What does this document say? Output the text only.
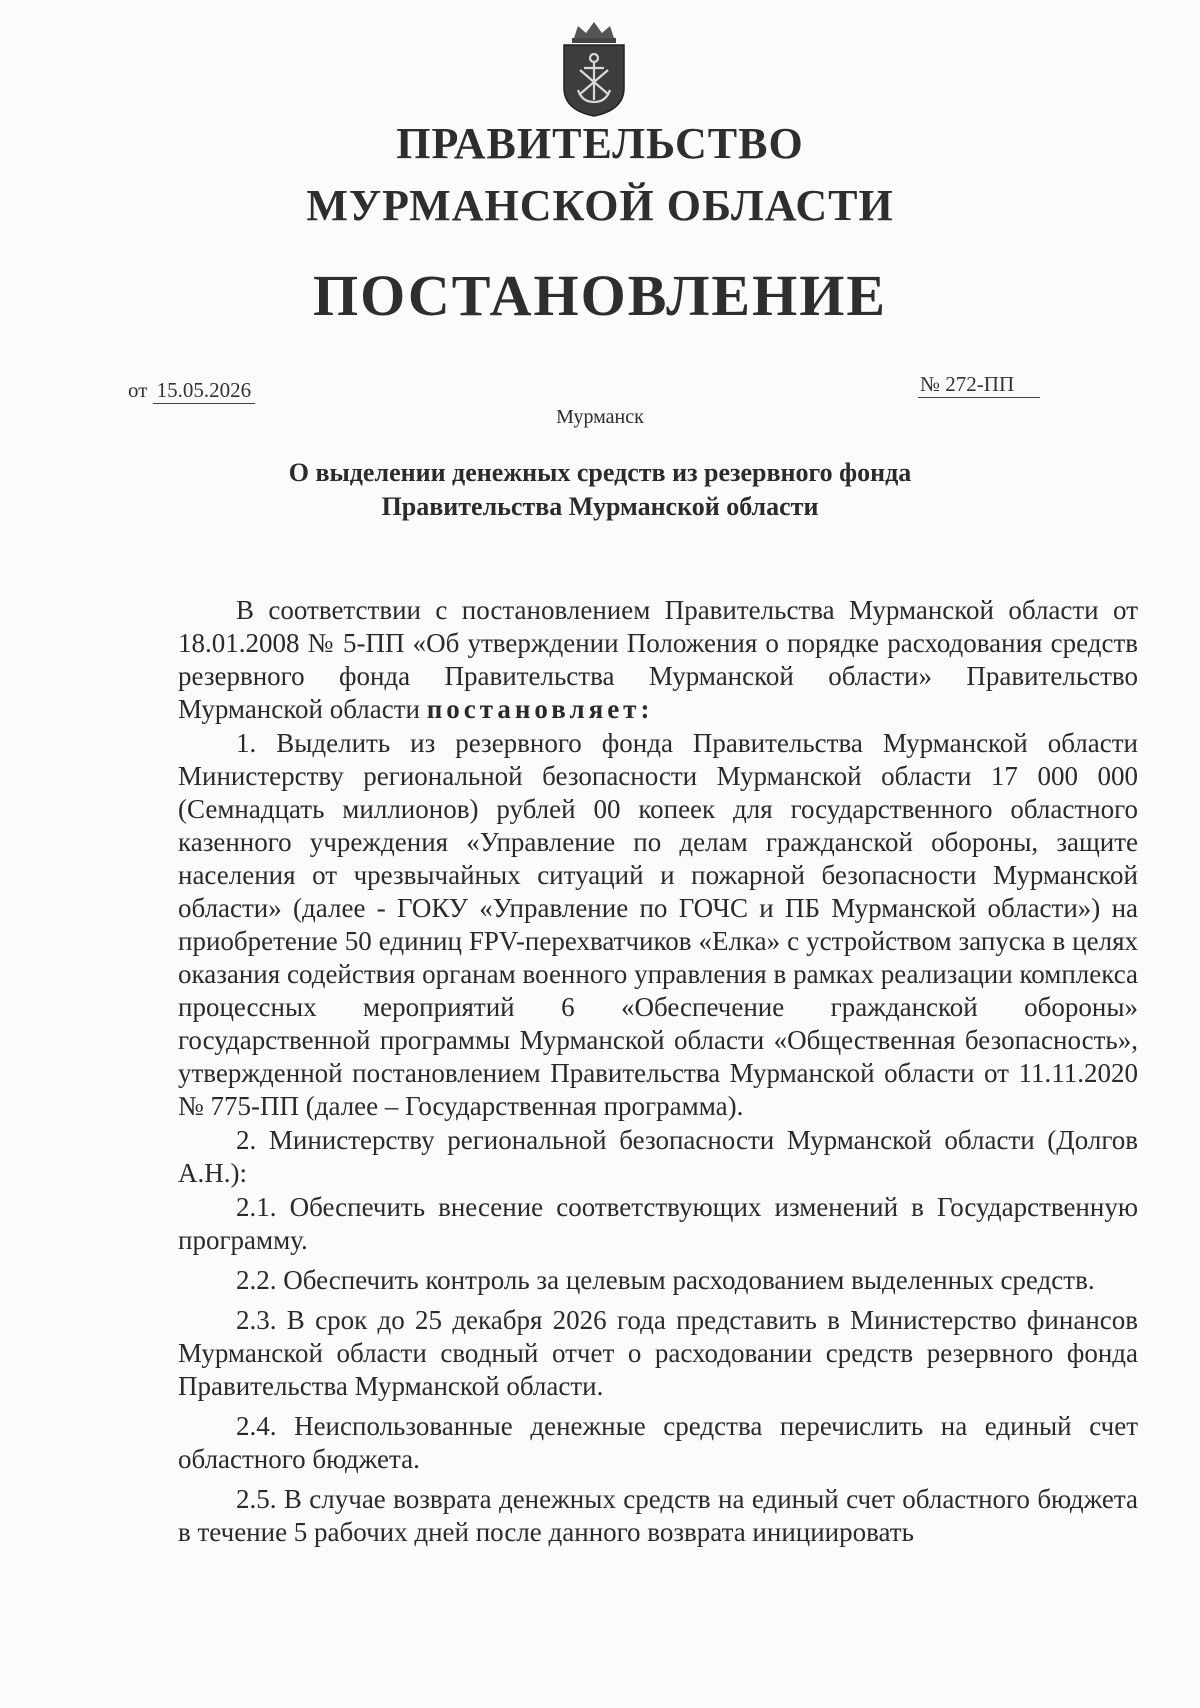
ПРАВИТЕЛЬСТВО
МУРМАНСКОЙ ОБЛАСТИ
ПОСТАНОВЛЕНИЕ
от 15.05.2026	№ 272-ПП
Мурманск
О выделении денежных средств из резервного фонда
Правительства Мурманской области

В соответствии с постановлением Правительства Мурманской области от 18.01.2008 № 5-ПП «Об утверждении Положения о порядке расходования средств резервного фонда Правительства Мурманской области» Правительство Мурманской области постановляет:

1. Выделить из резервного фонда Правительства Мурманской области Министерству региональной безопасности Мурманской области 17 000 000 (Семнадцать миллионов) рублей 00 копеек для государственного областного казенного учреждения «Управление по делам гражданской обороны, защите населения от чрезвычайных ситуаций и пожарной безопасности Мурманской области» (далее - ГОКУ «Управление по ГОЧС и ПБ Мурманской области») на приобретение 50 единиц FPV-перехватчиков «Елка» с устройством запуска в целях оказания содействия органам военного управления в рамках реализации комплекса процессных мероприятий 6 «Обеспечение гражданской обороны» государственной программы Мурманской области «Общественная безопасность», утвержденной постановлением Правительства Мурманской области от 11.11.2020 № 775-ПП (далее – Государственная программа).

2. Министерству региональной безопасности Мурманской области (Долгов А.Н.):

2.1. Обеспечить внесение соответствующих изменений в Государственную программу.

2.2. Обеспечить контроль за целевым расходованием выделенных средств.

2.3. В срок до 25 декабря 2026 года представить в Министерство финансов Мурманской области сводный отчет о расходовании средств резервного фонда Правительства Мурманской области.

2.4. Неиспользованные денежные средства перечислить на единый счет областного бюджета.

2.5. В случае возврата денежных средств на единый счет областного бюджета в течение 5 рабочих дней после данного возврата инициировать
